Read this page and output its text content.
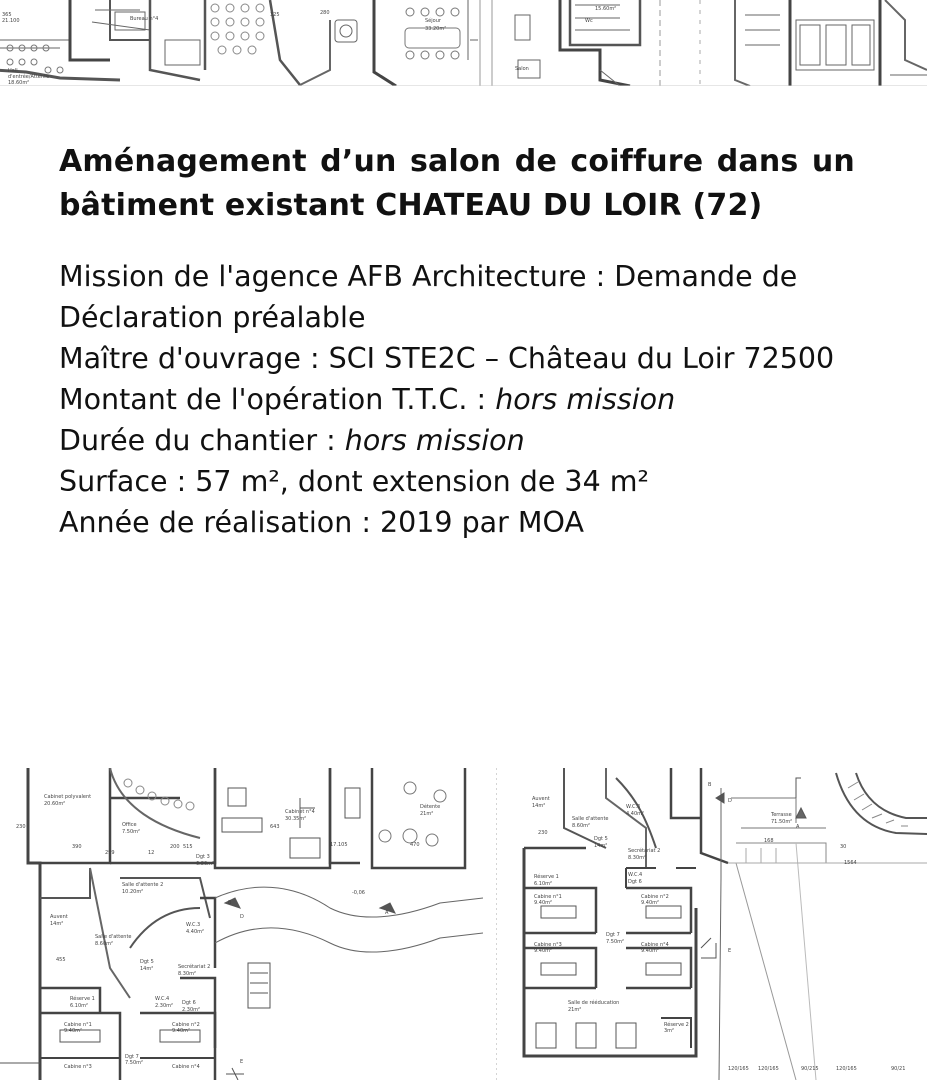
Séjour
33.20m²
Salon
Hall
d'entrée/Attente
18.60m²
Bureau n°4
15.60m²
Wc
365
21.100
325	280
Aménagement d’un salon de coiffure dans un bâtiment existant CHATEAU DU LOIR (72)
Mission de l'agence AFB Architecture : Demande de Déclaration préalable
Maître d'ouvrage : SCI STE2C – Château du Loir 72500
Montant de l'opération T.T.C. : hors mission
Durée du chantier : hors mission
Surface : 57 m², dont extension de 34 m²
Année de réalisation : 2019 par MOA
Cabinet polyvalent
20.60m²
Office
7.50m²
Cabinet n°4
30.35m²
Détente
21m²
Dgt 3
6.80m²
Salle d'attente 2
10.20m²
Auvent
14m²
Salle d'attente
8.60m²
W.C.3
4.40m²
Dgt 5
14m²	Secrétariat 2
8.30m²
Réserve 1
6.10m²
W.C.4
2.30m² Dgt 6
2.30m²
Cabine n°1
9.40m²
Cabine n°2
9.40m²
Dgt 7
7.50m²
Cabine n°3	Cabine n°4
-0,06
A
B
D
E
390
299	12
200 515
230
455
643
470
17.105
Auvent
14m²
Salle d'attente
8.60m²
W.C.3
4.40m²	Terrasse
71.50m²
Dgt 5
14m²
Secrétariat 2
8.30m²
Réserve 1
6.10m²
W.C.4
Dgt 6
Cabine n°1
9.40m²
Cabine n°2
9.40m²
Dgt 7
7.50m²
Cabine n°3
9.40m²
Cabine n°4
9.40m²
Salle de rééducation
21m²
Réserve 2
3m²
A
B
D
E
230
168
30
1564
120/165 120/165	90/215	120/165	90/21
